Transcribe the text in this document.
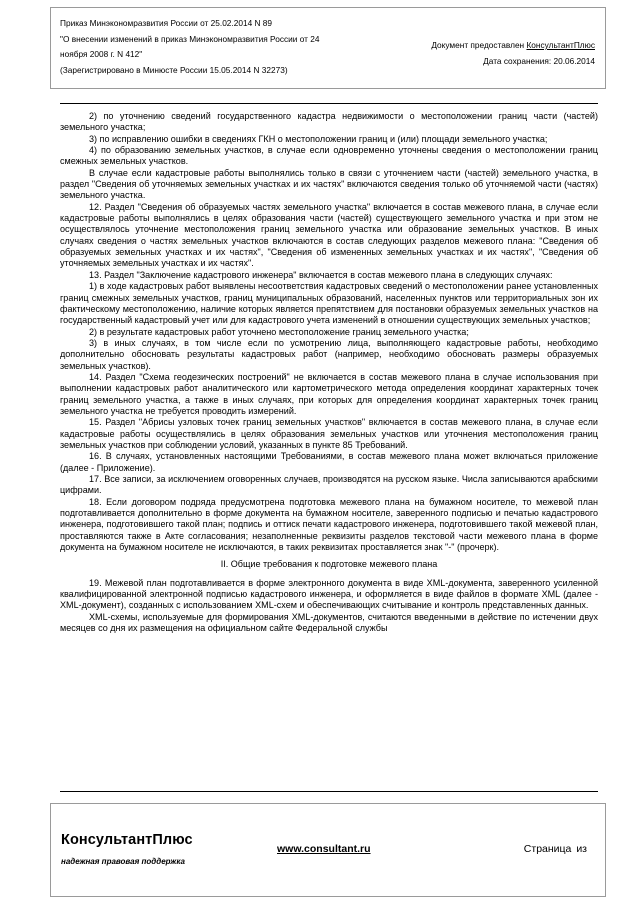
Приказ Минэкономразвития России от 25.02.2014 N 89
"О внесении изменений в приказ Минэкономразвития России от 24
ноября 2008 г. N 412"
(Зарегистрировано в Минюсте России 15.05.2014 N 32273)
Документ предоставлен КонсультантПлюс
Дата сохранения: 20.06.2014

2) по уточнению сведений государственного кадастра недвижимости о местоположении границ части (частей) земельного участка;

3) по исправлению ошибки в сведениях ГКН о местоположении границ и (или) площади земельного участка;

4) по образованию земельных участков, в случае если одновременно уточнены сведения о местоположении границ смежных земельных участков.

В случае если кадастровые работы выполнялись только в связи с уточнением части (частей) земельного участка, в раздел "Сведения об уточняемых земельных участках и их частях" включаются сведения только об уточняемой части (частях) земельного участка.

12. Раздел "Сведения об образуемых частях земельного участка" включается в состав межевого плана, в случае если кадастровые работы выполнялись в целях образования части (частей) существующего земельного участка и при этом не осуществлялось уточнение местоположения границ земельного участка или образование земельных участков. В иных случаях сведения о частях земельных участков включаются в состав следующих разделов межевого плана: "Сведения об образуемых земельных участках и их частях", "Сведения об измененных земельных участках и их частях", "Сведения об уточняемых земельных участках и их частях".

13. Раздел "Заключение кадастрового инженера" включается в состав межевого плана в следующих случаях:

1) в ходе кадастровых работ выявлены несоответствия кадастровых сведений о местоположении ранее установленных границ смежных земельных участков, границ муниципальных образований, населенных пунктов или территориальных зон их фактическому местоположению, наличие которых является препятствием для постановки образуемых земельных участков на государственный кадастровый учет или для кадастрового учета изменений в отношении существующих земельных участков;

2) в результате кадастровых работ уточнено местоположение границ земельного участка;

3) в иных случаях, в том числе если по усмотрению лица, выполняющего кадастровые работы, необходимо дополнительно обосновать результаты кадастровых работ (например, необходимо обосновать размеры образуемых земельных участков).

14. Раздел "Схема геодезических построений" не включается в состав межевого плана в случае использования при выполнении кадастровых работ аналитического или картометрического метода определения координат характерных точек границ земельного участка, а также в иных случаях, при которых для определения координат характерных точек границ земельного участка не требуется проводить измерений.

15. Раздел "Абрисы узловых точек границ земельных участков" включается в состав межевого плана, в случае если кадастровые работы осуществлялись в целях образования земельных участков или уточнения местоположения границ земельных участков при соблюдении условий, указанных в пункте 85 Требований.

16. В случаях, установленных настоящими Требованиями, в состав межевого плана может включаться приложение (далее - Приложение).

17. Все записи, за исключением оговоренных случаев, производятся на русском языке. Числа записываются арабскими цифрами.

18. Если договором подряда предусмотрена подготовка межевого плана на бумажном носителе, то межевой план подготавливается дополнительно в форме документа на бумажном носителе, заверенного подписью и печатью кадастрового инженера, подготовившего такой план; подпись и оттиск печати кадастрового инженера, подготовившего такой межевой план, проставляются также в Акте согласования; незаполненные реквизиты разделов текстовой части межевого плана в форме документа на бумажном носителе не исключаются, в таких реквизитах проставляется знак "-" (прочерк).

II. Общие требования к подготовке межевого плана

19. Межевой план подготавливается в форме электронного документа в виде XML-документа, заверенного усиленной квалифицированной электронной подписью кадастрового инженера, и оформляется в виде файлов в формате XML (далее - XML-документ), созданных с использованием XML-схем и обеспечивающих считывание и контроль представленных данных.

XML-схемы, используемые для формирования XML-документов, считаются введенными в действие по истечении двух месяцев со дня их размещения на официальном сайте Федеральной службы

КонсультантПлюс
надежная правовая поддержка
www.consultant.ru	Страница из
